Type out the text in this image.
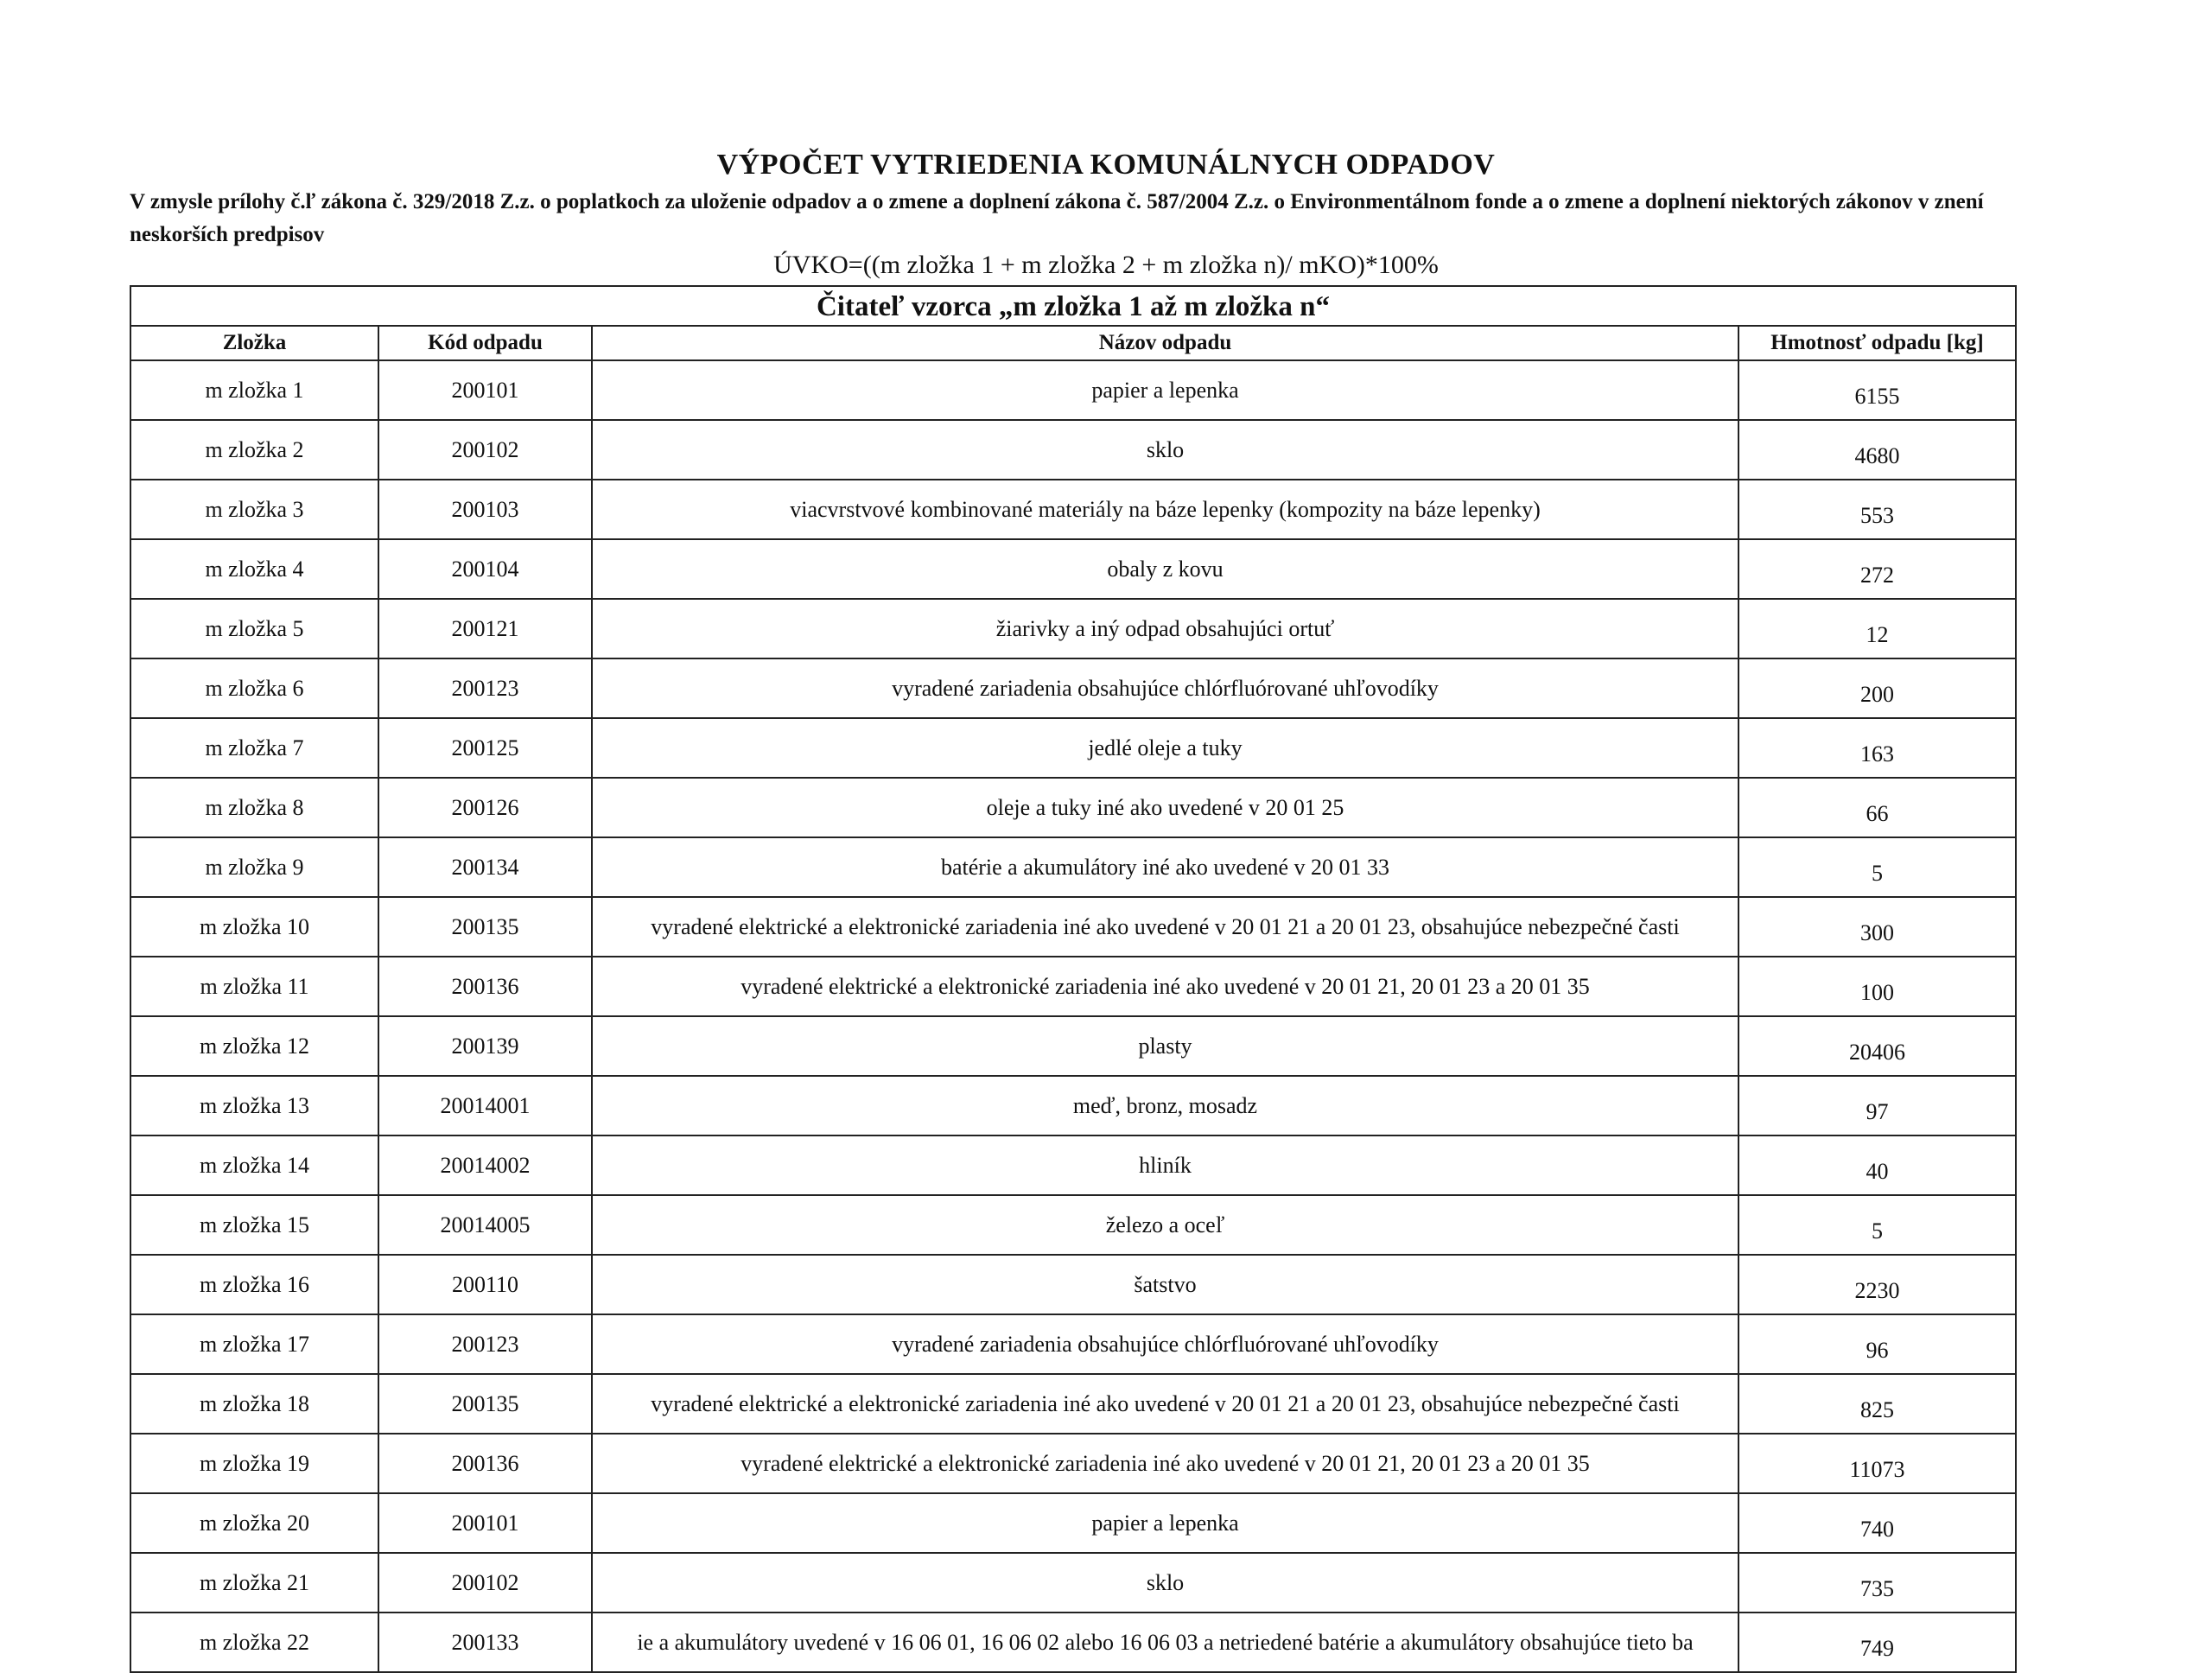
VÝPOČET VYTRIEDENIA KOMUNÁLNYCH ODPADOV
V zmysle prílohy č.ľ zákona č. 329/2018 Z.z. o poplatkoch za uloženie odpadov a o zmene a doplnení zákona č. 587/2004 Z.z. o Environmentálnom fonde a o zmene a doplnení niektorých zákonov v znení neskorších predpisov
ÚVKO=((m zložka 1 + m zložka 2 + m zložka n)/ mKO)*100%
Čitateľ vzorca „m zložka 1 až m zložka n“			
Zložka	Kód odpadu	Názov odpadu	Hmotnosť odpadu [kg]
m zložka 1	200101	papier a lepenka	6155
m zložka 2	200102	sklo	4680
m zložka 3	200103	viacvrstvové kombinované materiály na báze lepenky (kompozity na báze lepenky)	553
m zložka 4	200104	obaly z kovu	272
m zložka 5	200121	žiarivky a iný odpad obsahujúci ortuť	12
m zložka 6	200123	vyradené zariadenia obsahujúce chlórfluórované uhľovodíky	200
m zložka 7	200125	jedlé oleje a tuky	163
m zložka 8	200126	oleje a tuky iné ako uvedené v 20 01 25	66
m zložka 9	200134	batérie a akumulátory iné ako uvedené v 20 01 33	5
m zložka 10	200135	vyradené elektrické a elektronické zariadenia iné ako uvedené v 20 01 21 a 20 01 23, obsahujúce nebezpečné časti	300
m zložka 11	200136	vyradené elektrické a elektronické zariadenia iné ako uvedené v 20 01 21, 20 01 23 a 20 01 35	100
m zložka 12	200139	plasty	20406
m zložka 13	20014001	meď, bronz, mosadz	97
m zložka 14	20014002	hliník	40
m zložka 15	20014005	železo a oceľ	5
m zložka 16	200110	šatstvo	2230
m zložka 17	200123	vyradené zariadenia obsahujúce chlórfluórované uhľovodíky	96
m zložka 18	200135	vyradené elektrické a elektronické zariadenia iné ako uvedené v 20 01 21 a 20 01 23, obsahujúce nebezpečné časti	825
m zložka 19	200136	vyradené elektrické a elektronické zariadenia iné ako uvedené v 20 01 21, 20 01 23 a 20 01 35	11073
m zložka 20	200101	papier a lepenka	740
m zložka 21	200102	sklo	735
m zložka 22	200133	ie a akumulátory uvedené v 16 06 01, 16 06 02 alebo 16 06 03 a netriedené batérie a akumulátory obsahujúce tieto ba	749
